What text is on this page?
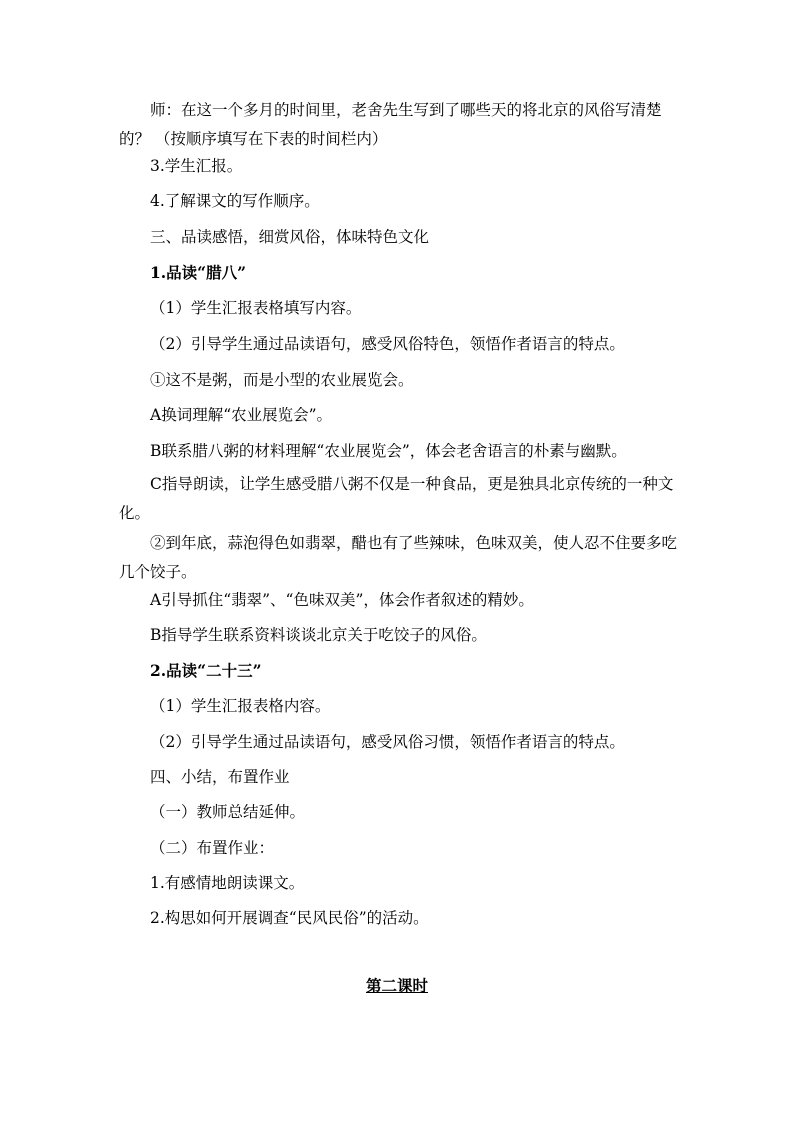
师：在这一个多月的时间里，老舍先生写到了哪些天的将北京的风俗写清楚的？ （按顺序填写在下表的时间栏内）

3.学生汇报。
4.了解课文的写作顺序。
三、品读感悟，细赏风俗，体味特色文化
1.品读“腊八”
（1）学生汇报表格填写内容。
（2）引导学生通过品读语句，感受风俗特色，领悟作者语言的特点。
①这不是粥，而是小型的农业展览会。
A换词理解“农业展览会”。
B联系腊八粥的材料理解“农业展览会”，体会老舍语言的朴素与幽默。

C指导朗读，让学生感受腊八粥不仅是一种食品，更是独具北京传统的一种文化。

②到年底，蒜泡得色如翡翠，醋也有了些辣味，色味双美，使人忍不住要多吃几个饺子。

A引导抓住“翡翠”、“色味双美”，体会作者叙述的精妙。
B指导学生联系资料谈谈北京关于吃饺子的风俗。
2.品读“二十三”
（1）学生汇报表格内容。
（2）引导学生通过品读语句，感受风俗习惯，领悟作者语言的特点。
四、小结，布置作业
（一）教师总结延伸。
（二）布置作业：
1.有感情地朗读课文。
2.构思如何开展调查“民风民俗”的活动。
第二课时
